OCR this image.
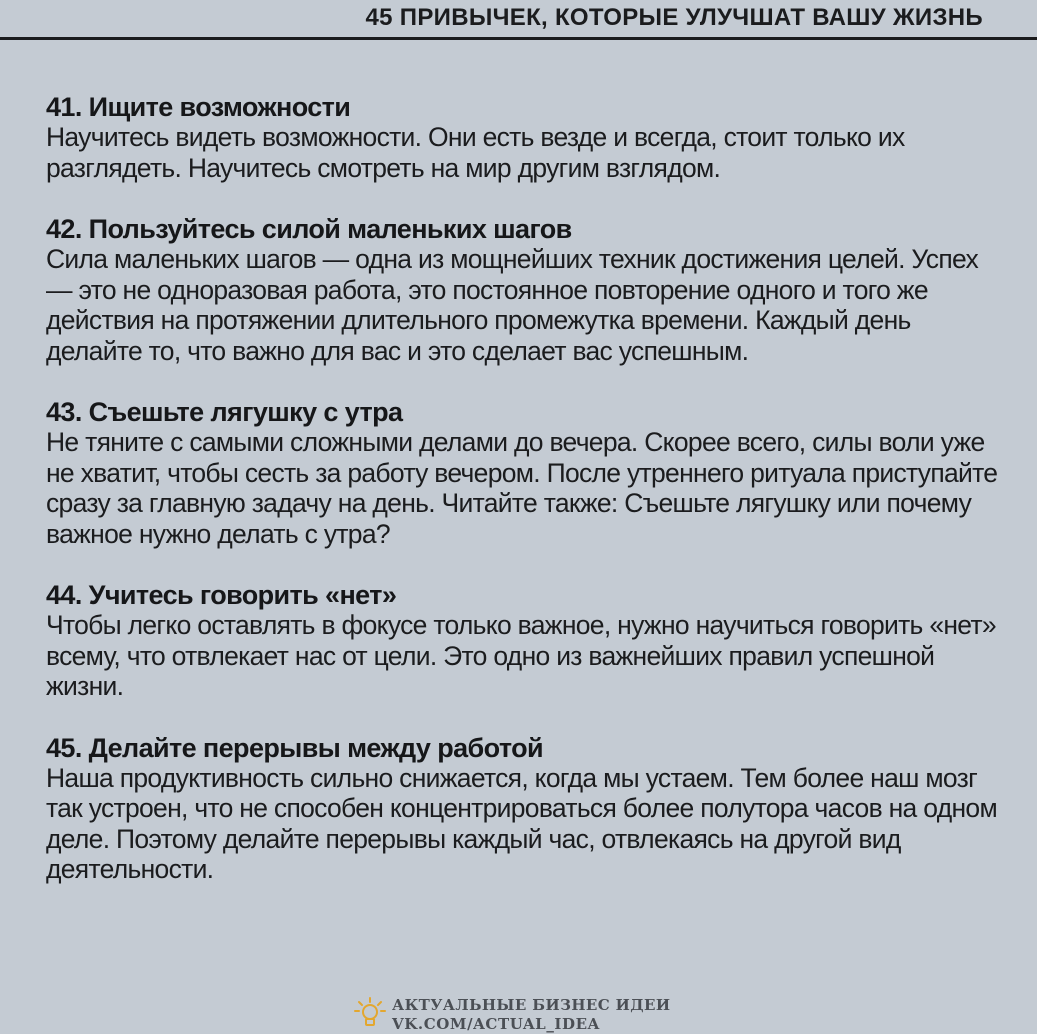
45 ПРИВЫЧЕК, КОТОРЫЕ УЛУЧШАТ ВАШУ ЖИЗНЬ
41. Ищите возможности

Научитесь видеть возможности. Они есть везде и всегда, стоит только их разглядеть. Научитесь смотреть на мир другим взглядом.

42. Пользуйтесь силой маленьких шагов

Сила маленьких шагов — одна из мощнейших техник достижения целей. Успех — это не одноразовая работа, это постоянное повторение одного и того же действия на протяжении длительного промежутка времени. Каждый день делайте то, что важно для вас и это сделает вас успешным.

43. Съешьте лягушку с утра

Не тяните с самыми сложными делами до вечера. Скорее всего, силы воли уже не хватит, чтобы сесть за работу вечером. После утреннего ритуала приступайте сразу за главную задачу на день. Читайте также: Съешьте лягушку или почему важное нужно делать с утра?

44. Учитесь говорить «нет»

Чтобы легко оставлять в фокусе только важное, нужно научиться говорить «нет» всему, что отвлекает нас от цели. Это одно из важнейших правил успешной жизни.

45. Делайте перерывы между работой

Наша продуктивность сильно снижается, когда мы устаем. Тем более наш мозг так устроен, что не способен концентрироваться более полутора часов на одном деле. Поэтому делайте перерывы каждый час, отвлекаясь на другой вид деятельности.

АКТУАЛЬНЫЕ БИЗНЕС ИДЕИ
VK.COM/ACTUAL_IDEA
